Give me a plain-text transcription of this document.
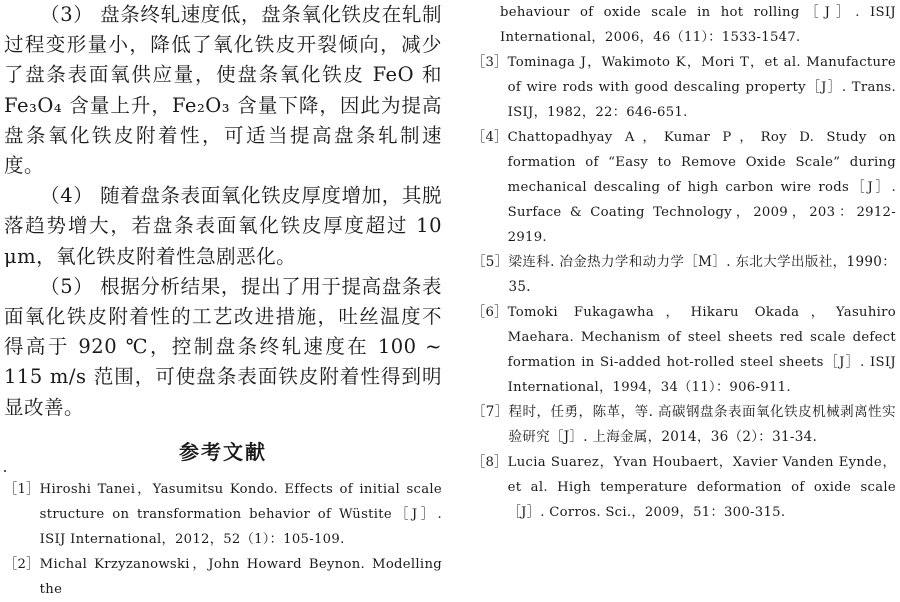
（3） 盘条终轧速度低，盘条氧化铁皮在轧制过程变形量小，降低了氧化铁皮开裂倾向，减少了盘条表面氧供应量，使盘条氧化铁皮 FeO 和 Fe₃O₄ 含量上升，Fe₂O₃ 含量下降，因此为提高盘条氧化铁皮附着性，可适当提高盘条轧制速度。

（4） 随着盘条表面氧化铁皮厚度增加，其脱落趋势增大，若盘条表面氧化铁皮厚度超过 10 μm，氧化铁皮附着性急剧恶化。

（5） 根据分析结果，提出了用于提高盘条表面氧化铁皮附着性的工艺改进措施，吐丝温度不得高于 920 ℃，控制盘条终轧速度在 100 ~ 115 m/s 范围，可使盘条表面铁皮附着性得到明显改善。

参考文献
［1］ Hiroshi Tanei，Yasumitsu Kondo. Effects of initial scale structure on transformation behavior of Wüstite［J］. ISIJ International，2012，52（1）：105-109.
［2］ Michal Krzyzanowski，John Howard Beynon. Modelling the
behaviour of oxide scale in hot rolling［J］. ISIJ International，2006，46（11）：1533-1547.
［3］ Tominaga J，Wakimoto K，Mori T，et al. Manufacture of wire rods with good descaling property［J］. Trans. ISIJ，1982，22：646-651.
［4］ Chattopadhyay A，Kumar P，Roy D. Study on formation of “Easy to Remove Oxide Scale” during mechanical descaling of high carbon wire rods［J］. Surface & Coating Technology，2009，203：2912-2919.
［5］ 梁连科. 冶金热力学和动力学［M］. 东北大学出版社，1990：35.
［6］ Tomoki Fukagawha，Hikaru Okada，Yasuhiro Maehara. Mechanism of steel sheets red scale defect formation in Si-added hot-rolled steel sheets［J］. ISIJ International，1994，34（11）：906-911.
［7］ 程时，任勇，陈革，等. 高碳钢盘条表面氧化铁皮机械剥离性实验研究［J］. 上海金属，2014，36（2）：31-34.
［8］ Lucia Suarez，Yvan Houbaert，Xavier Vanden Eynde，et al. High temperature deformation of oxide scale［J］. Corros. Sci.，2009，51：300-315.
